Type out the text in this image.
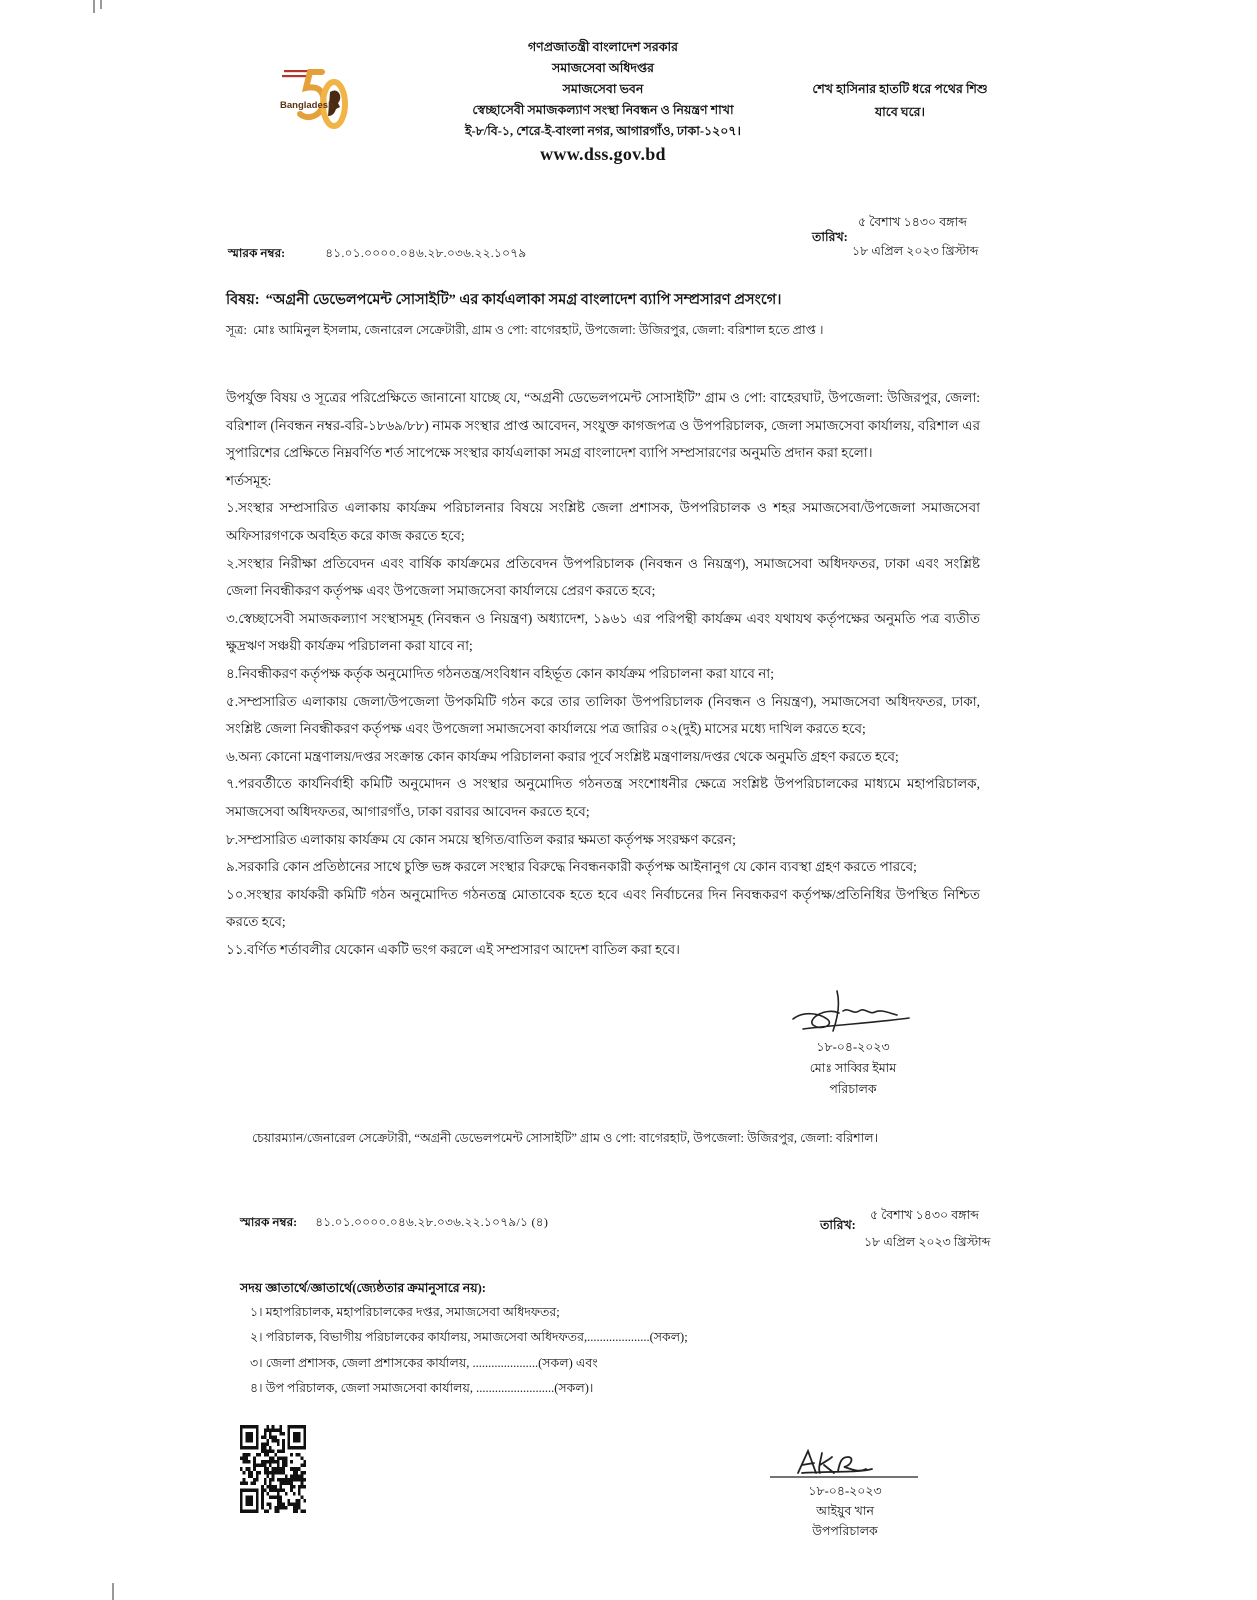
Bangladesh
গণপ্রজাতন্ত্রী বাংলাদেশ সরকার
সমাজসেবা অধিদপ্তর
সমাজসেবা ভবন
স্বেচ্ছাসেবী সমাজকল্যাণ সংস্থা নিবন্ধন ও নিয়ন্ত্রণ শাখা
ই-৮/বি-১, শেরে-ই-বাংলা নগর, আগারগাঁও, ঢাকা-১২০৭।
www.dss.gov.bd
শেখ হাসিনার হাতটি ধরে পথের শিশু
যাবে ঘরে।
স্মারক নম্বর:	৪১.০১.০০০০.০৪৬.২৮.০৩৬.২২.১০৭৯
৫ বৈশাখ ১৪৩০ বঙ্গাব্দ
তারিখ:
১৮ এপ্রিল ২০২৩ খ্রিস্টাব্দ
বিষয়: “অগ্রনী ডেভেলপমেন্ট সোসাইটি” এর কার্যএলাকা সমগ্র বাংলাদেশ ব্যাপি সম্প্রসারণ প্রসংগে।
সূত্র: মোঃ আমিনুল ইসলাম, জেনারেল সেক্রেটারী, গ্রাম ও পো: বাগেরহাট, উপজেলা: উজিরপুর, জেলা: বরিশাল হতে প্রাপ্ত ।

উপর্যুক্ত বিষয় ও সূত্রের পরিপ্রেক্ষিতে জানানো যাচ্ছে যে, “অগ্রনী ডেভেলপমেন্ট সোসাইটি” গ্রাম ও পো: বাহেরঘাট, উপজেলা: উজিরপুর, জেলা: বরিশাল (নিবন্ধন নম্বর-বরি-১৮৬৯/৮৮) নামক সংস্থার প্রাপ্ত আবেদন, সংযুক্ত কাগজপত্র ও উপপরিচালক, জেলা সমাজসেবা কার্যালয়, বরিশাল এর সুপারিশের প্রেক্ষিতে নিম্নবর্ণিত শর্ত সাপেক্ষে সংস্থার কার্যএলাকা সমগ্র বাংলাদেশ ব্যাপি সম্প্রসারণের অনুমতি প্রদান করা হলো।

শর্তসমূহ:

১.সংস্থার সম্প্রসারিত এলাকায় কার্যক্রম পরিচালনার বিষয়ে সংশ্লিষ্ট জেলা প্রশাসক, উপপরিচালক ও শহর সমাজসেবা/উপজেলা সমাজসেবা অফিসারগণকে অবহিত করে কাজ করতে হবে;

২.সংস্থার নিরীক্ষা প্রতিবেদন এবং বার্ষিক কার্যক্রমের প্রতিবেদন উপপরিচালক (নিবন্ধন ও নিয়ন্ত্রণ), সমাজসেবা অধিদফতর, ঢাকা এবং সংশ্লিষ্ট জেলা নিবন্ধীকরণ কর্তৃপক্ষ এবং উপজেলা সমাজসেবা কার্যালয়ে প্রেরণ করতে হবে;

৩.স্বেচ্ছাসেবী সমাজকল্যাণ সংস্থাসমূহ (নিবন্ধন ও নিয়ন্ত্রণ) অধ্যাদেশ, ১৯৬১ এর পরিপন্থী কার্যক্রম এবং যথাযথ কর্তৃপক্ষের অনুমতি পত্র ব্যতীত ক্ষুদ্রঋণ সঞ্চয়ী কার্যক্রম পরিচালনা করা যাবে না;

৪.নিবন্ধীকরণ কর্তৃপক্ষ কর্তৃক অনুমোদিত গঠনতন্ত্র/সংবিধান বহির্ভূত কোন কার্যক্রম পরিচালনা করা যাবে না;

৫.সম্প্রসারিত এলাকায় জেলা/উপজেলা উপকমিটি গঠন করে তার তালিকা উপপরিচালক (নিবন্ধন ও নিয়ন্ত্রণ), সমাজসেবা অধিদফতর, ঢাকা, সংশ্লিষ্ট জেলা নিবন্ধীকরণ কর্তৃপক্ষ এবং উপজেলা সমাজসেবা কার্যালয়ে পত্র জারির ০২(দুই) মাসের মধ্যে দাখিল করতে হবে;

৬.অন্য কোনো মন্ত্রণালয়/দপ্তর সংক্রান্ত কোন কার্যক্রম পরিচালনা করার পূর্বে সংশ্লিষ্ট মন্ত্রণালয়/দপ্তর থেকে অনুমতি গ্রহণ করতে হবে;

৭.পরবর্তীতে কার্যনির্বাহী কমিটি অনুমোদন ও সংস্থার অনুমোদিত গঠনতন্ত্র সংশোধনীর ক্ষেত্রে সংশ্লিষ্ট উপপরিচালকের মাধ্যমে মহাপরিচালক, সমাজসেবা অধিদফতর, আগারগাঁও, ঢাকা বরাবর আবেদন করতে হবে;

৮.সম্প্রসারিত এলাকায় কার্যক্রম যে কোন সময়ে স্থগিত/বাতিল করার ক্ষমতা কর্তৃপক্ষ সংরক্ষণ করেন;

৯.সরকারি কোন প্রতিষ্ঠানের সাথে চুক্তি ভঙ্গ করলে সংস্থার বিরুদ্ধে নিবন্ধনকারী কর্তৃপক্ষ আইনানুগ যে কোন ব্যবস্থা গ্রহণ করতে পারবে;

১০.সংস্থার কার্যকরী কমিটি গঠন অনুমোদিত গঠনতন্ত্র মোতাবেক হতে হবে এবং নির্বাচনের দিন নিবন্ধকরণ কর্তৃপক্ষ/প্রতিনিধির উপস্থিত নিশ্চিত করতে হবে;

১১.বর্ণিত শর্তাবলীর যেকোন একটি ভংগ করলে এই সম্প্রসারণ আদেশ বাতিল করা হবে।

১৮-০৪-২০২৩
মোঃ সাব্বির ইমাম
পরিচালক
চেয়ারম্যান/জেনারেল সেক্রেটারী, “অগ্রনী ডেভেলপমেন্ট সোসাইটি” গ্রাম ও পো: বাগেরহাট, উপজেলা: উজিরপুর, জেলা: বরিশাল।
স্মারক নম্বর: ৪১.০১.০০০০.০৪৬.২৮.০৩৬.২২.১০৭৯/১ (৪)	৫ বৈশাখ ১৪৩০ বঙ্গাব্দ
তারিখ:
১৮ এপ্রিল ২০২৩ খ্রিস্টাব্দ
সদয় জ্ঞাতার্থে/জ্ঞাতার্থে(জ্যেষ্ঠতার ক্রমানুসারে নয়):
১। মহাপরিচালক, মহাপরিচালকের দপ্তর, সমাজসেবা অধিদফতর;
২। পরিচালক, বিভাগীয় পরিচালকের কার্যালয়, সমাজসেবা অধিদফতর,....................(সকল);
৩। জেলা প্রশাসক, জেলা প্রশাসকের কার্যালয়, .....................(সকল) এবং
৪। উপ পরিচালক, জেলা সমাজসেবা কার্যালয়, .........................(সকল)।
১৮-০৪-২০২৩
আইয়ুব খান
উপপরিচালক
